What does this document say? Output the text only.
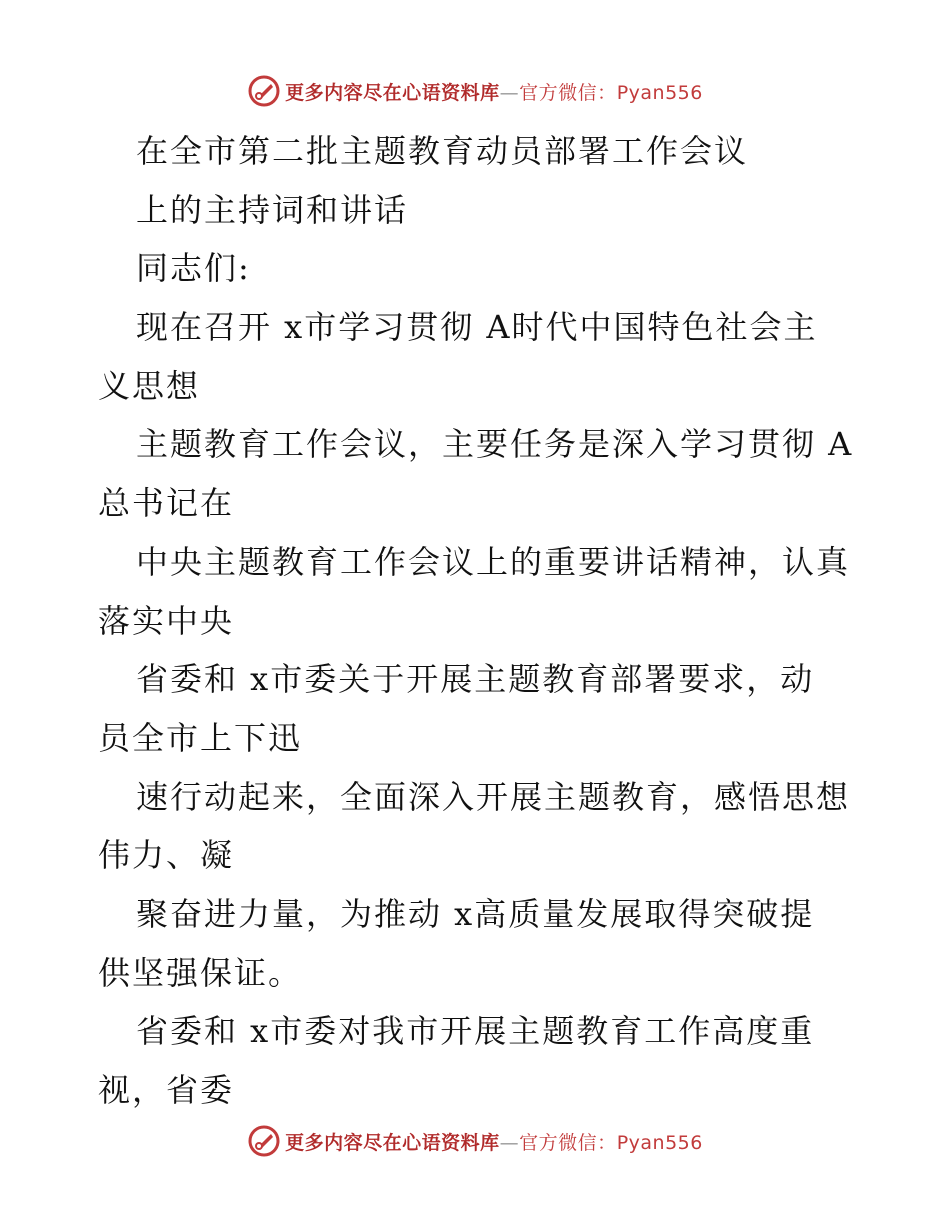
更多内容尽在心语资料库—官方微信：Pyan556
在全市第二批主题教育动员部署工作会议
上的主持词和讲话
同志们:
现在召开 x市学习贯彻 A时代中国特色社会主
义思想
主题教育工作会议，主要任务是深入学习贯彻 A
总书记在
中央主题教育工作会议上的重要讲话精神，认真
落实中央
省委和 x市委关于开展主题教育部署要求，动
员全市上下迅
速行动起来，全面深入开展主题教育，感悟思想
伟力、凝
聚奋进力量，为推动 x高质量发展取得突破提
供坚强保证。
省委和 x市委对我市开展主题教育工作高度重
视，省委
更多内容尽在心语资料库—官方微信：Pyan556
